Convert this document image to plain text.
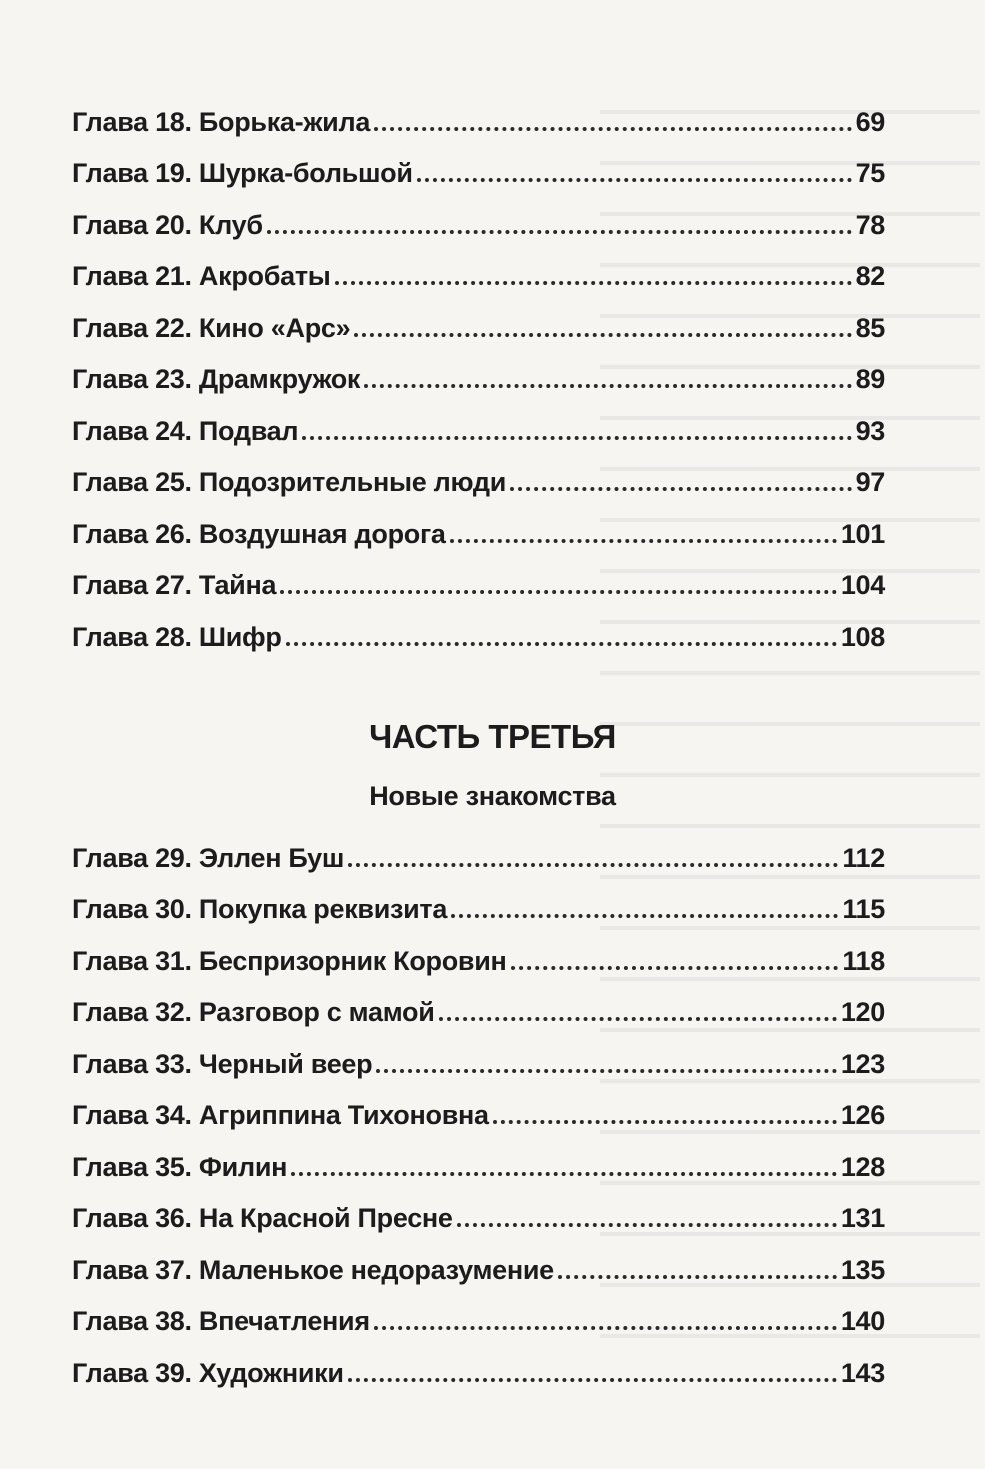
Глава 18. Борька-жила	69
Глава 19. Шурка-большой	75
Глава 20. Клуб	78
Глава 21. Акробаты	82
Глава 22. Кино «Арс»	85
Глава 23. Драмкружок	89
Глава 24. Подвал	93
Глава 25. Подозрительные люди	97
Глава 26. Воздушная дорога	101
Глава 27. Тайна	104
Глава 28. Шифр	108
ЧАСТЬ ТРЕТЬЯ
Новые знакомства
Глава 29. Эллен Буш	112
Глава 30. Покупка реквизита	115
Глава 31. Беспризорник Коровин	118
Глава 32. Разговор с мамой	120
Глава 33. Черный веер	123
Глава 34. Агриппина Тихоновна	126
Глава 35. Филин	128
Глава 36. На Красной Пресне	131
Глава 37. Маленькое недоразумение	135
Глава 38. Впечатления	140
Глава 39. Художники	143
